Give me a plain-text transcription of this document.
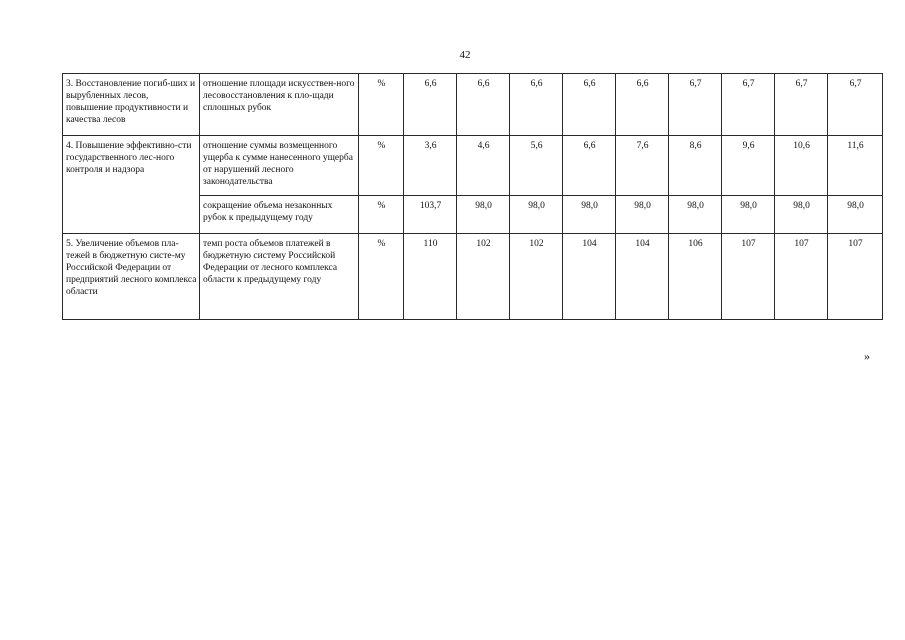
42
3. Восстановление погиб-ших и вырубленных лесов, повышение продуктивности и качества лесов	отношение площади искусствен-ного лесовосстановления к пло-щади сплошных рубок	%	6,6	6,6	6,6	6,6	6,6	6,7	6,7	6,7	6,7
4. Повышение эффективно-сти государственного лес-ного контроля и надзора	отношение суммы возмещенного ущерба к сумме нанесенного ущерба от нарушений лесного законодательства	%	3,6	4,6	5,6	6,6	7,6	8,6	9,6	10,6	11,6
	сокращение объема незаконных рубок к предыдущему году	%	103,7	98,0	98,0	98,0	98,0	98,0	98,0	98,0	98,0
5. Увеличение объемов пла-тежей в бюджетную систе-му Российской Федерации от предприятий лесного комплекса области	темп роста объемов платежей в бюджетную систему Российской Федерации от лесного комплекса области к предыдущему году	%	110	102	102	104	104	106	107	107	107
»
